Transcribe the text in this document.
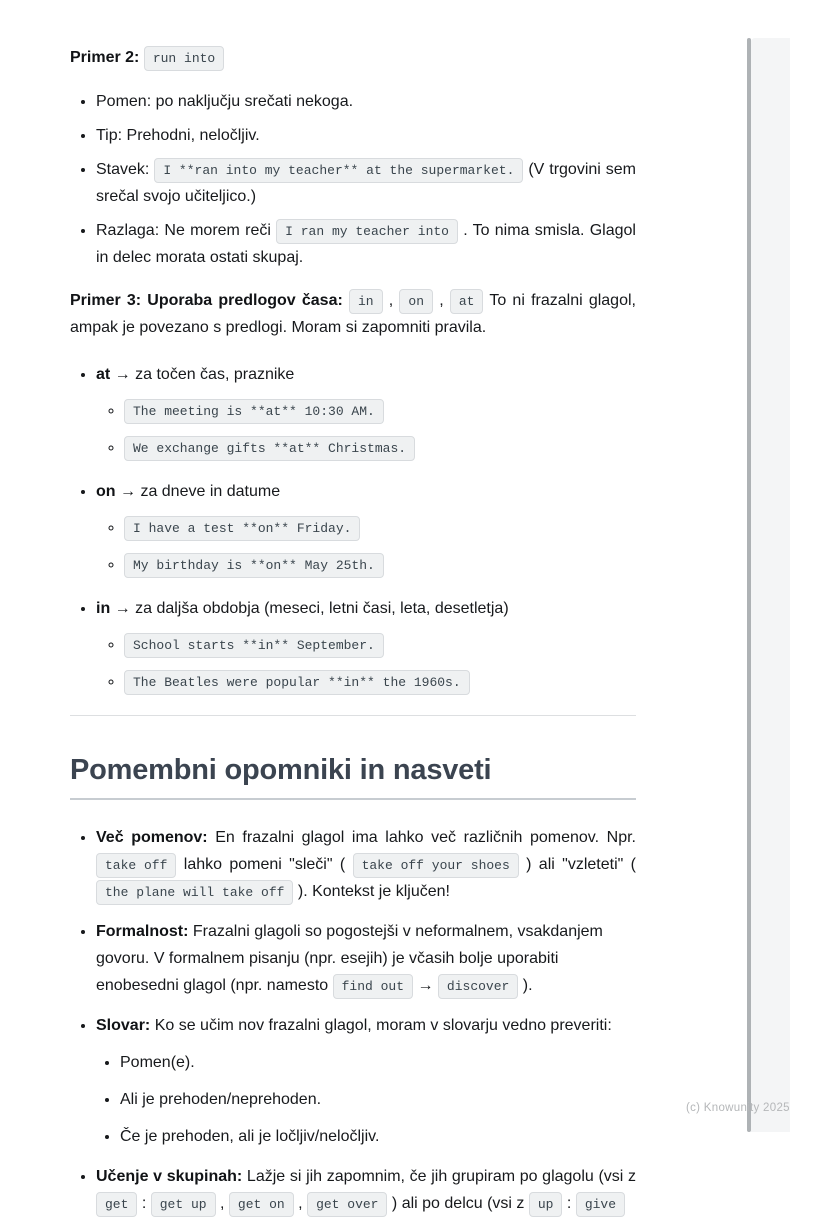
Primer 2: run into

• Pomen: po naključju srečati nekoga.
• Tip: Prehodni, neločljiv.
• Stavek: I **ran into my teacher** at the supermarket. (V trgovini sem srečal svojo učiteljico.)
• Razlaga: Ne morem reči I ran my teacher into . To nima smisla. Glagol in delec morata ostati skupaj.

Primer 3: Uporaba predlogov časa: in , on , at To ni frazalni glagol, ampak je povezano s predlogi. Moram si zapomniti pravila.

• at → za točen čas, praznike
◦ The meeting is **at** 10:30 AM.
◦ We exchange gifts **at** Christmas.
• on → za dneve in datume
◦ I have a test **on** Friday.
◦ My birthday is **on** May 25th.
• in → za daljša obdobja (meseci, letni časi, leta, desetletja)
◦ School starts **in** September.
◦ The Beatles were popular **in** the 1960s.
Pomembni opomniki in nasveti
• Več pomenov: En frazalni glagol ima lahko več različnih pomenov. Npr. take off lahko pomeni "sleči" ( take off your shoes ) ali "vzleteti" ( the plane will take off ). Kontekst je ključen!
• Formalnost: Frazalni glagoli so pogostejši v neformalnem, vsakdanjem govoru. V formalnem pisanju (npr. esejih) je včasih bolje uporabiti enobesedni glagol (npr. namesto find out → discover ).
• Slovar: Ko se učim nov frazalni glagol, moram v slovarju vedno preveriti:
• Pomen(e).
• Ali je prehoden/neprehoden.
• Če je prehoden, ali je ločljiv/neločljiv.
• Učenje v skupinah: Lažje si jih zapomnim, če jih grupiram po glagolu (vsi z get : get up , get on , get over ) ali po delcu (vsi z up : give
(c) Knowunity 2025
